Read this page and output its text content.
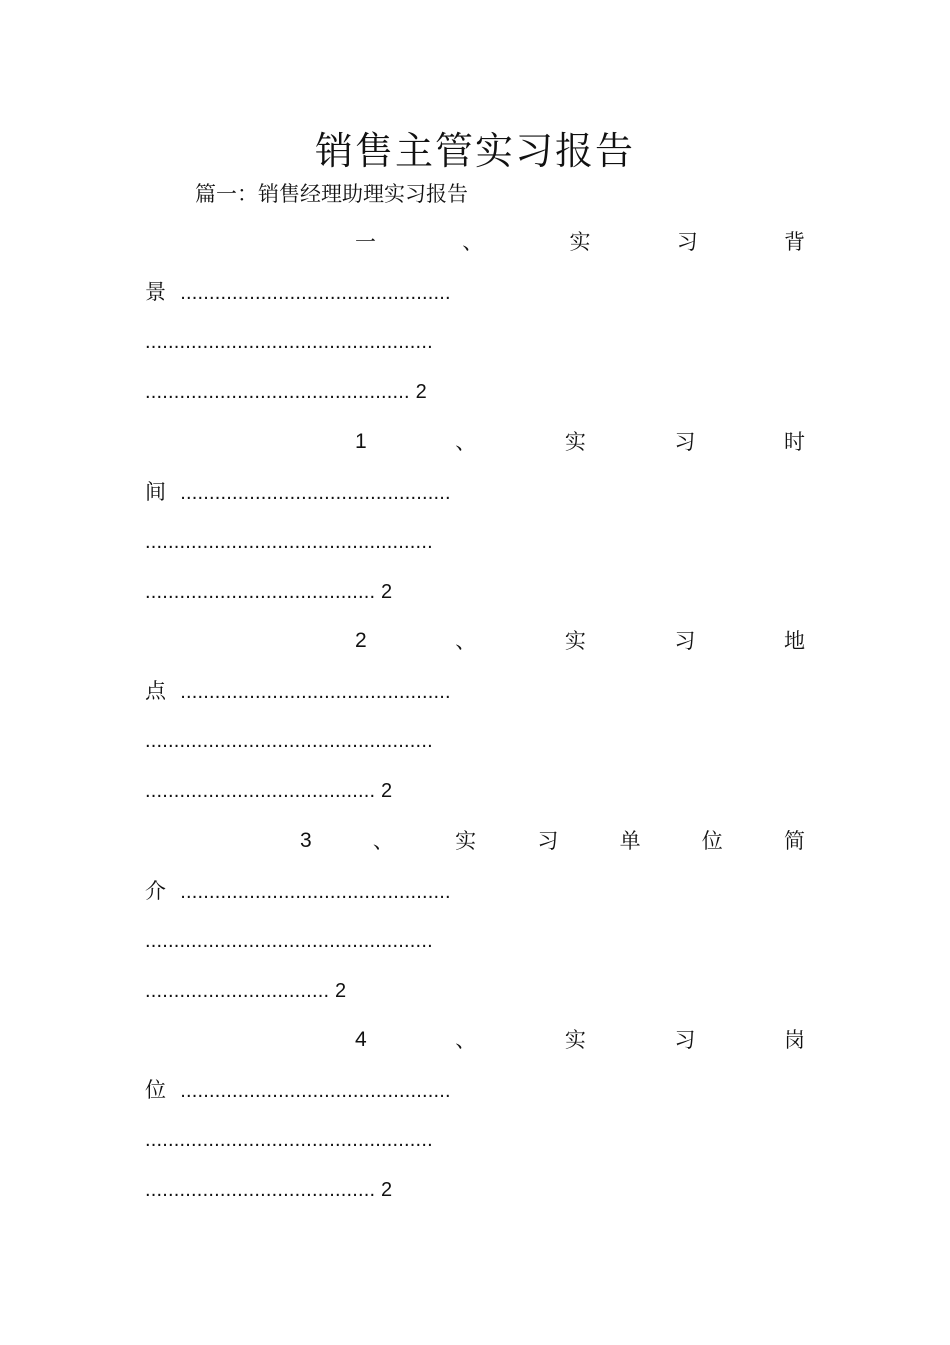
销售主管实习报告
篇一：销售经理助理实习报告
一	、	实	习	背
景 ...............................................
..................................................
.............................................. 2
1	、	实	习	时
间 ...............................................
..................................................
........................................ 2
2	、	实	习	地
点 ...............................................
..................................................
........................................ 2
3	、	实	习	单	位	简
介 ...............................................
..................................................
................................ 2
4	、	实	习	岗
位 ...............................................
..................................................
........................................ 2
